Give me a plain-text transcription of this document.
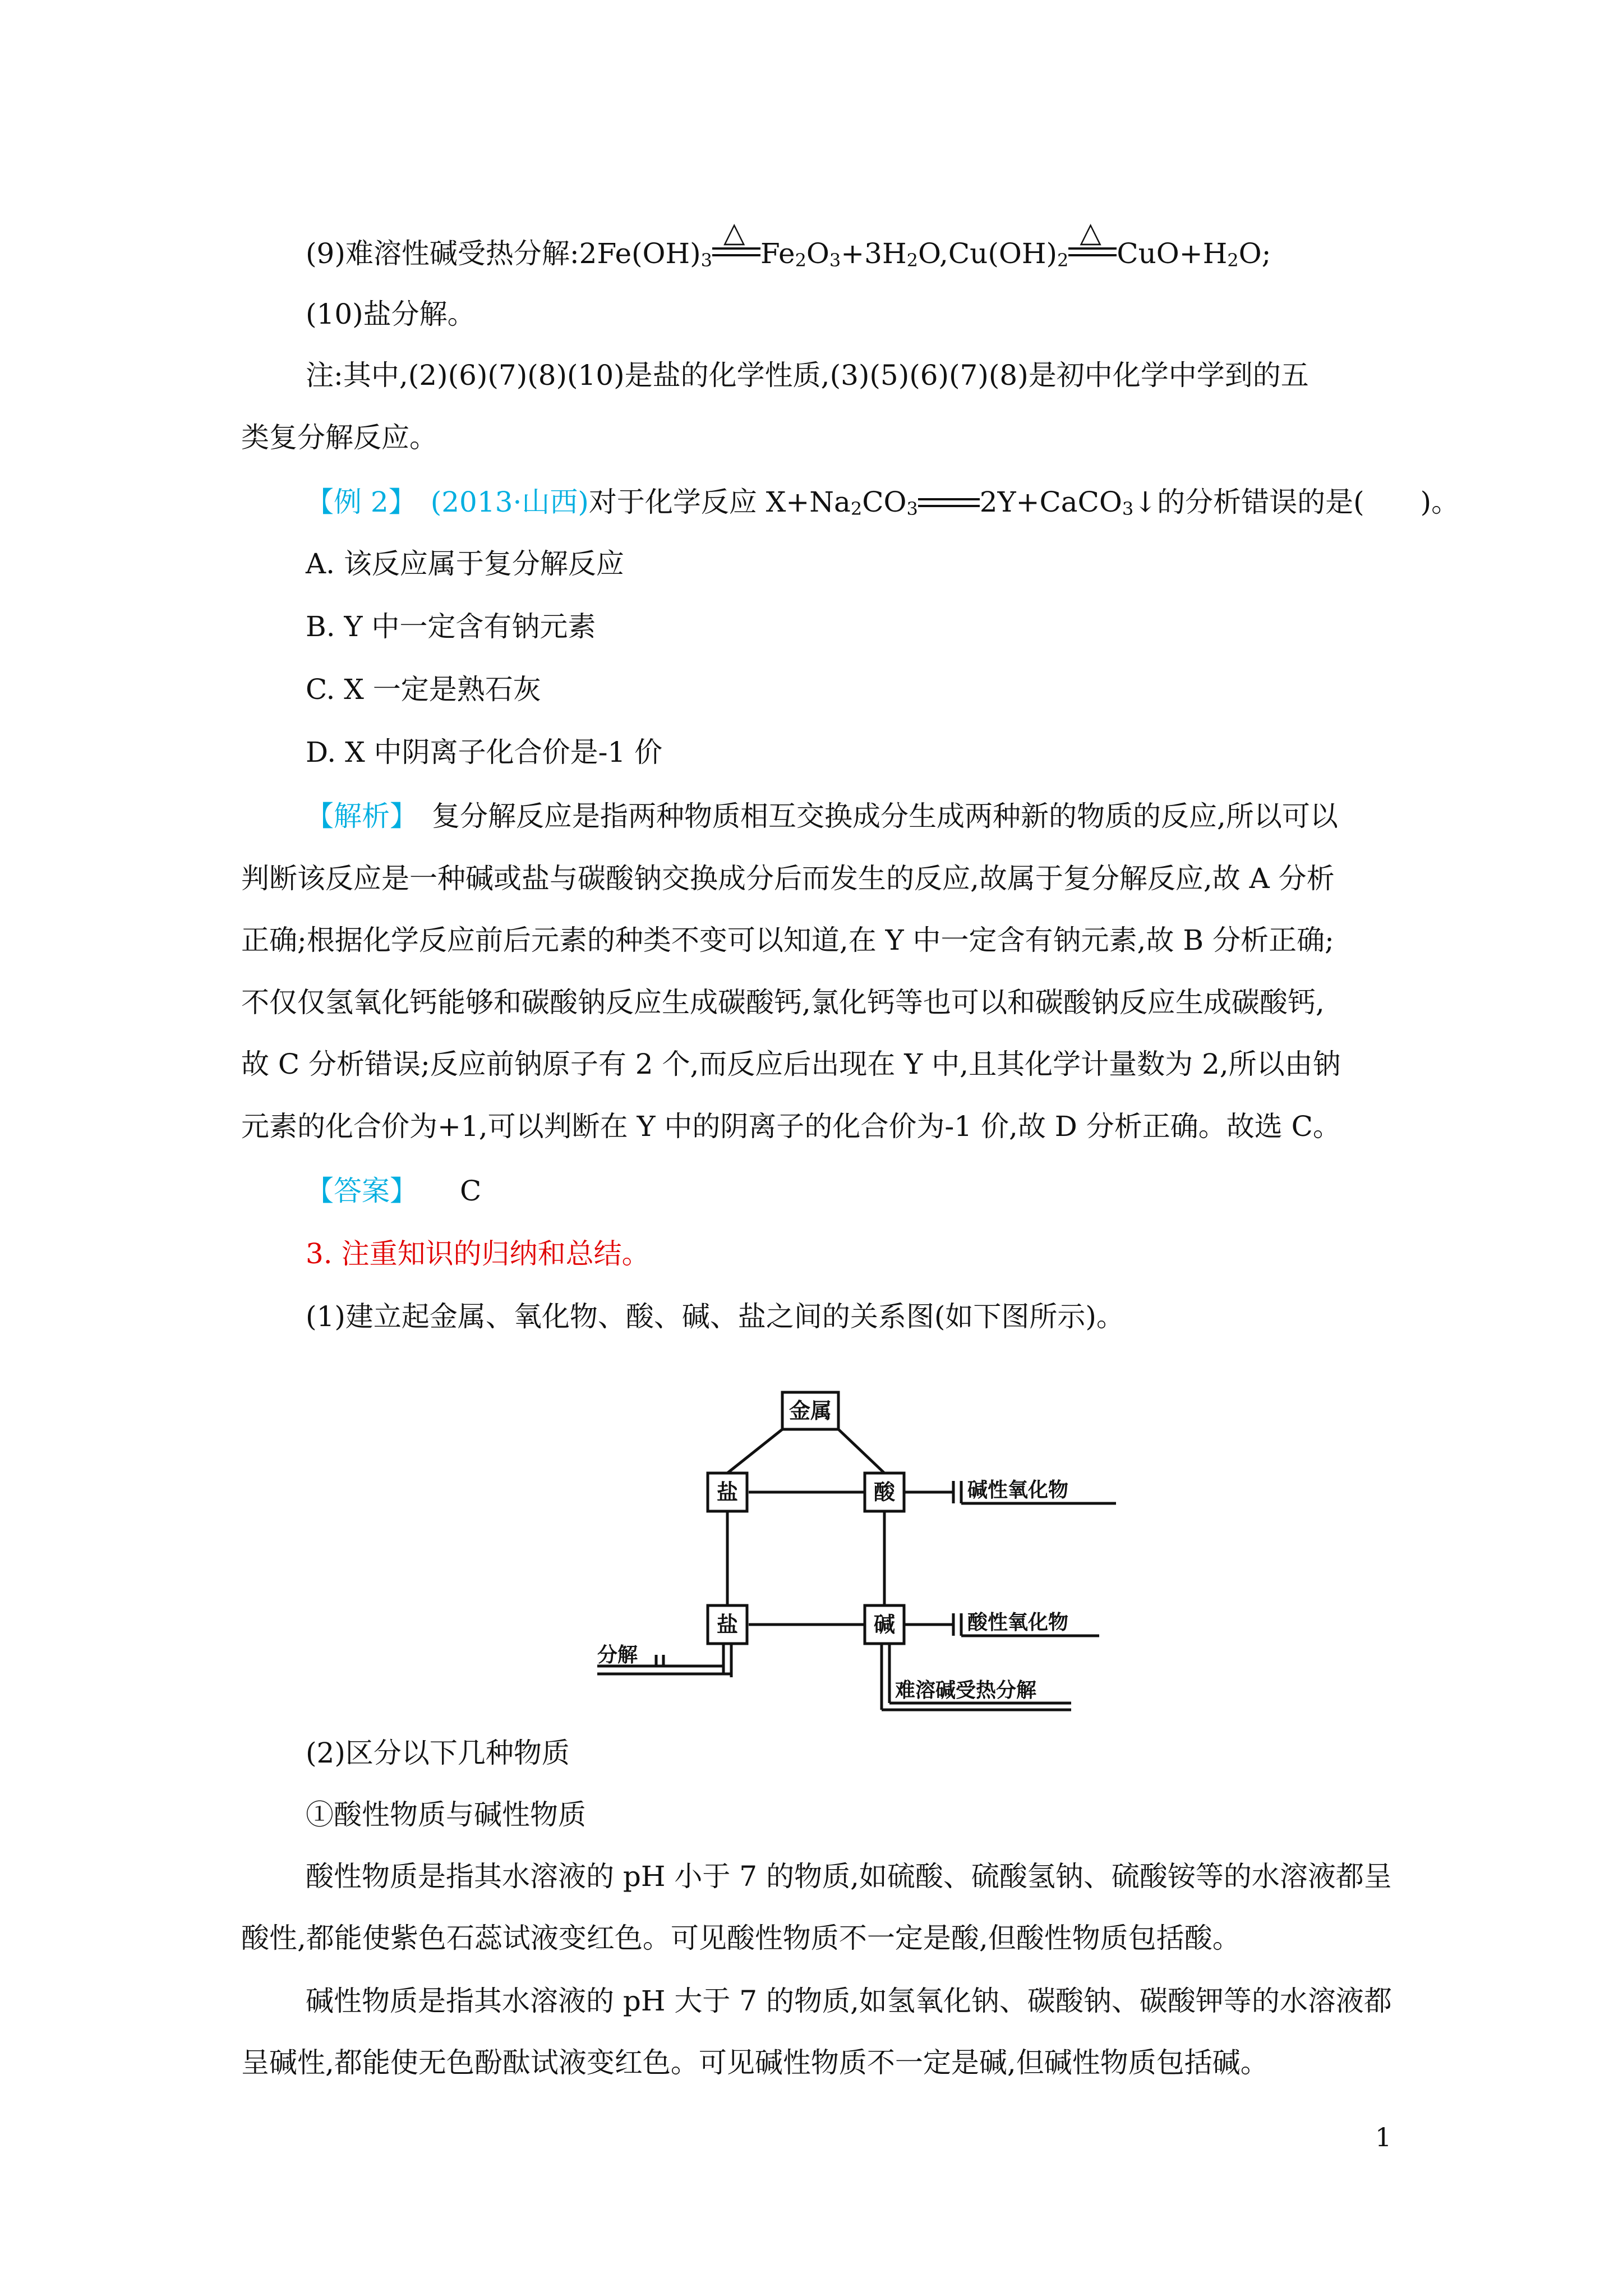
(9)难溶性碱受热分解$:2Fe(OH)_3$
△
$Fe_2O_3+3H_2O,Cu(OH)_2$
△
$CuO+H_2O$;
(10)盐分解。
注:其中,(2)(6)(7)(8)(10)是盐的化学性质,(3)(5)(6)(7)(8)是初中化学中学到的五
类复分解反应。
【例 2】　 (2013·山西)对于化学反应 $X+Na_2CO_3$ 2Y+CaCO$_3$↓的分析错误的是(　　)。
A. 该反应属于复分解反应
B. Y 中一定含有钠元素
C. X 一定是熟石灰
D. X 中阴离子化合价是-1 价
【解析】　 复分解反应是指两种物质相互交换成分生成两种新的物质的反应,所以可以
判断该反应是一种碱或盐与碳酸钠交换成分后而发生的反应,故属于复分解反应,故 A 分析
正确;根据化学反应前后元素的种类不变可以知道,在 Y 中一定含有钠元素,故 B 分析正确;
不仅仅氢氧化钙能够和碳酸钠反应生成碳酸钙,氯化钙等也可以和碳酸钠反应生成碳酸钙,
故 C 分析错误;反应前钠原子有 2 个,而反应后出现在 Y 中,且其化学计量数为 2,所以由钠
元素的化合价为+1,可以判断在 Y 中的阴离子的化合价为-1 价,故 D 分析正确。故选 C。
【答案】　　 C
3. 注重知识的归纳和总结。
(1)建立起金属、氧化物、酸、碱、盐之间的关系图(如下图所示)。
金属
盐	酸
盐	碱
碱性氧化物
酸性氧化物
分解
难溶碱受热分解
(2)区分以下几种物质
①酸性物质与碱性物质
酸性物质是指其水溶液的 pH 小于 7 的物质,如硫酸、硫酸氢钠、硫酸铵等的水溶液都呈
酸性,都能使紫色石蕊试液变红色。可见酸性物质不一定是酸,但酸性物质包括酸。
碱性物质是指其水溶液的 pH 大于 7 的物质,如氢氧化钠、碳酸钠、碳酸钾等的水溶液都
呈碱性,都能使无色酚酞试液变红色。可见碱性物质不一定是碱,但碱性物质包括碱。
1
